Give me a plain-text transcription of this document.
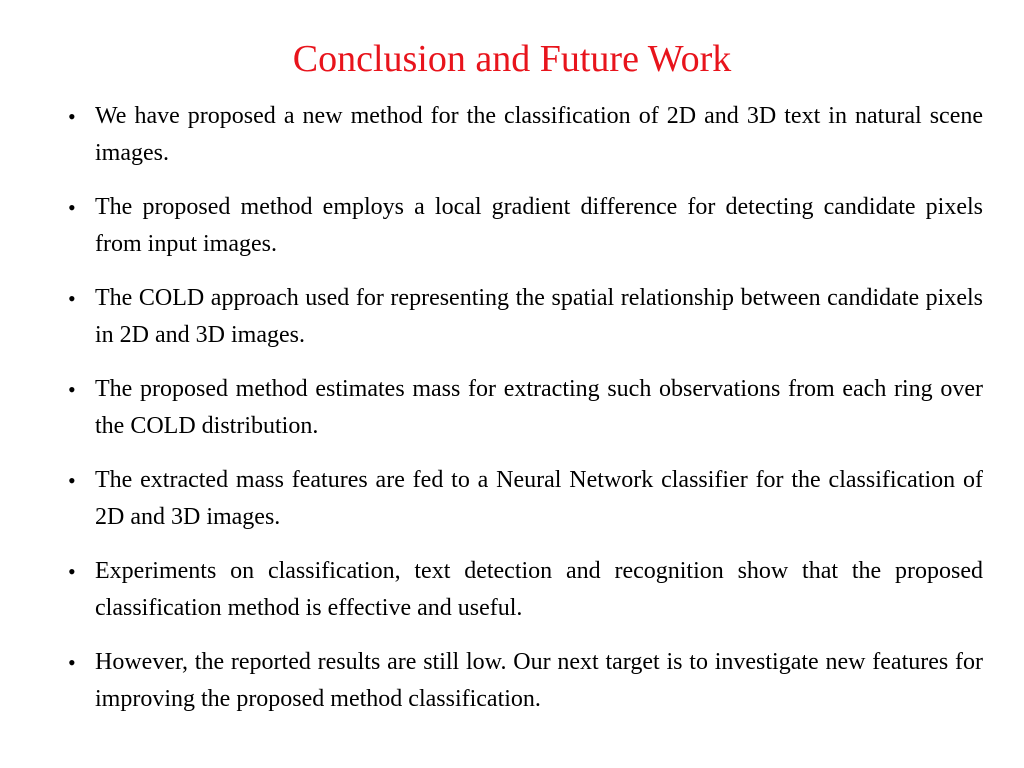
Conclusion and Future Work
• We have proposed a new method for the classification of 2D and 3D text in natural scene images.
• The proposed method employs a local gradient difference for detecting candidate pixels from input images.
• The COLD approach used for representing the spatial relationship between candidate pixels in 2D and 3D images.
• The proposed method estimates mass for extracting such observations from each ring over the COLD distribution.
• The extracted mass features are fed to a Neural Network classifier for the classification of 2D and 3D images.
• Experiments on classification, text detection and recognition show that the proposed classification method is effective and useful.
• However, the reported results are still low. Our next target is to investigate new features for improving the proposed method classification.
